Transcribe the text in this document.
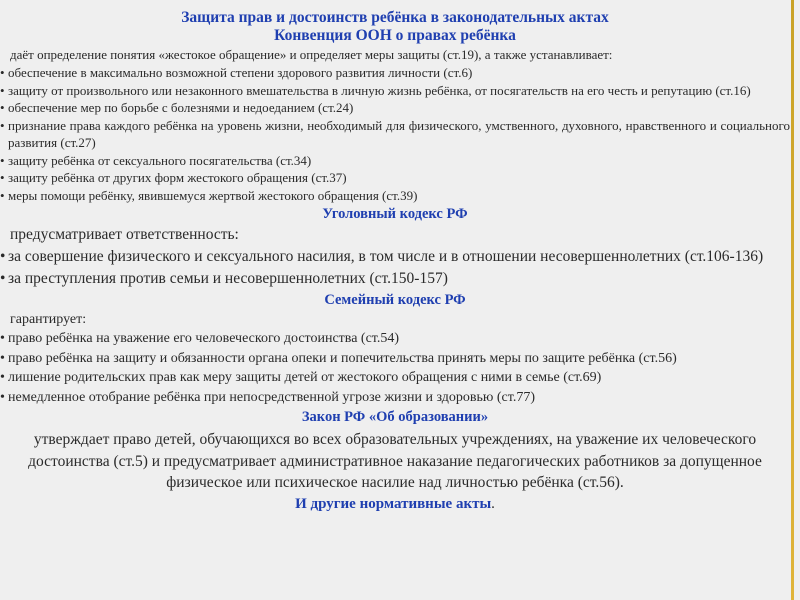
Защита прав и достоинств ребёнка в законодательных актах

Конвенция ООН о правах ребёнка

даёт определение понятия «жестокое обращение» и определяет меры защиты (ст.19), а также устанавливает:

• обеспечение в максимально возможной степени здорового развития личности (ст.6)
• защиту от произвольного или незаконного вмешательства в личную жизнь ребёнка, от посягательств на его честь и репутацию (ст.16)
• обеспечение мер по борьбе с болезнями и недоеданием (ст.24)
• признание права каждого ребёнка на уровень жизни, необходимый для физического, умственного, духовного, нравственного и социального развития (ст.27)
• защиту ребёнка от сексуального посягательства (ст.34)
• защиту ребёнка от других форм жестокого обращения (ст.37)
• меры помощи ребёнку, явившемуся жертвой жестокого обращения (ст.39)

Уголовный кодекс РФ

предусматривает ответственность:

• за совершение физического и сексуального насилия, в том числе и в отношении несовершеннолетних (ст.106-136)
• за преступления против семьи и несовершеннолетних (ст.150-157)

Семейный кодекс РФ

гарантирует:

• право ребёнка на уважение его человеческого достоинства (ст.54)
• право ребёнка на защиту и обязанности органа опеки и попечительства принять меры по защите ребёнка (ст.56)
• лишение родительских прав как меру защиты детей от жестокого обращения с ними в семье (ст.69)
• немедленное отобрание ребёнка при непосредственной угрозе жизни и здоровью (ст.77)

Закон РФ «Об образовании»

утверждает право детей, обучающихся во всех образовательных учреждениях, на уважение их человеческого достоинства (ст.5) и предусматривает административное наказание педагогических работников за допущенное физическое или психическое насилие над личностью ребёнка (ст.56).

И другие нормативные акты.
